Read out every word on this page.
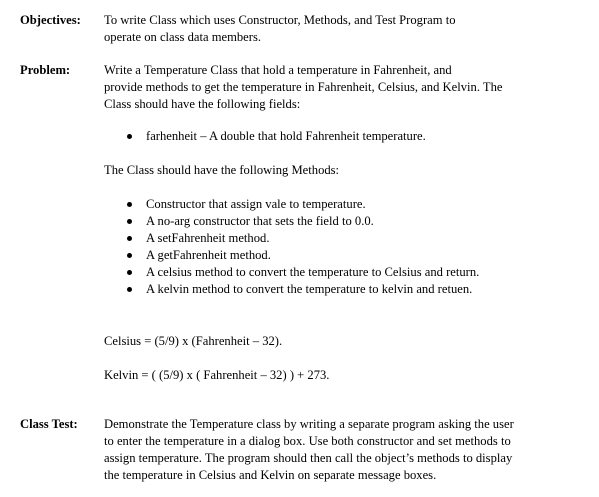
Objectives: To write Class which uses Constructor, Methods, and Test Program to
operate on class data members.
Problem:	Write a Temperature Class that hold a temperature in Fahrenheit, and
provide methods to get the temperature in Fahrenheit, Celsius, and Kelvin. The
Class should have the following fields:
farhenheit – A double that hold Fahrenheit temperature.
The Class should have the following Methods:
Constructor that assign vale to temperature.
A no-arg constructor that sets the field to 0.0.
A setFahrenheit method.
A getFahrenheit method.
A celsius method to convert the temperature to Celsius and return.
A kelvin method to convert the temperature to kelvin and retuen.
Celsius = (5/9) x (Fahrenheit – 32).
Kelvin = ( (5/9) x ( Fahrenheit – 32) ) + 273.
Class Test: Demonstrate the Temperature class by writing a separate program asking the user
to enter the temperature in a dialog box. Use both constructor and set methods to
assign temperature. The program should then call the object’s methods to display
the temperature in Celsius and Kelvin on separate message boxes.
